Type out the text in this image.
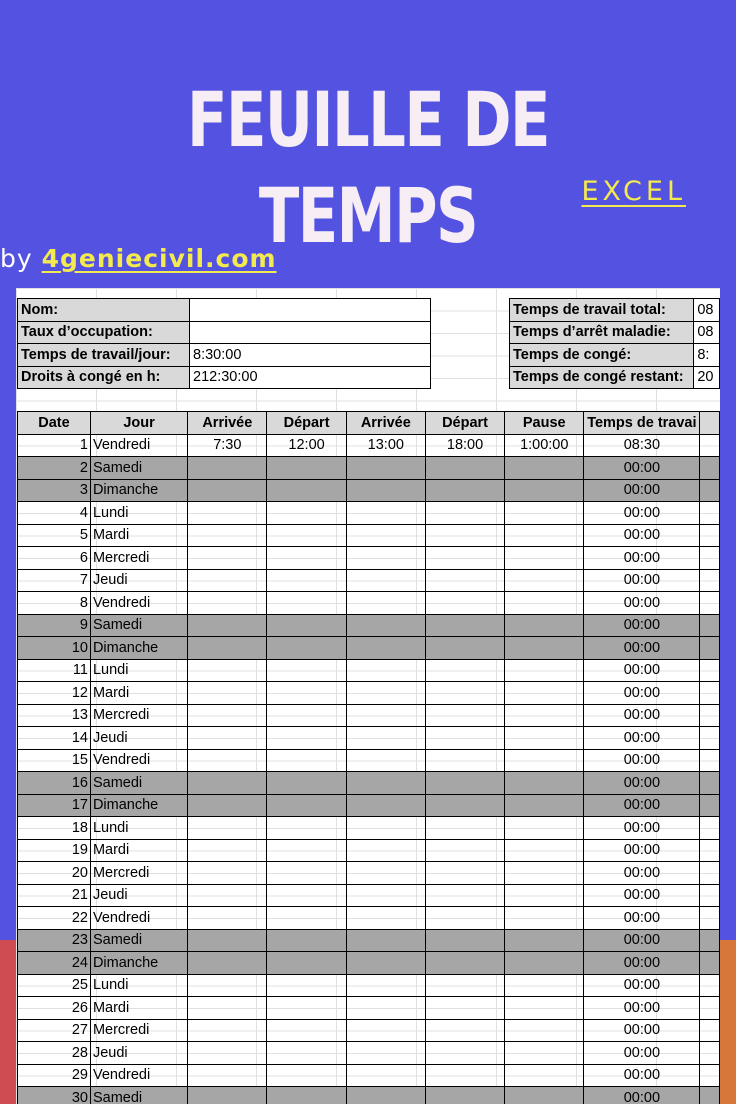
FEUILLE DE TEMPS	EXCEL
by 4geniecivil.com
Nom:	
Taux d’occupation:	
Temps de travail/jour:	8:30:00
Droits à congé en h:	212:30:00
Temps de travail total:	08
Temps d’arrêt maladie:	08
Temps de congé:	8:
Temps de congé restant:	20
Date	Jour	Arrivée	Départ	Arrivée	Départ	Pause	Temps de travai	
1	Vendredi	7:30	12:00	13:00	18:00	1:00:00	08:30	
2	Samedi						00:00	
3	Dimanche						00:00	
4	Lundi						00:00	
5	Mardi						00:00	
6	Mercredi						00:00	
7	Jeudi						00:00	
8	Vendredi						00:00	
9	Samedi						00:00	
10	Dimanche						00:00	
11	Lundi						00:00	
12	Mardi						00:00	
13	Mercredi						00:00	
14	Jeudi						00:00	
15	Vendredi						00:00	
16	Samedi						00:00	
17	Dimanche						00:00	
18	Lundi						00:00	
19	Mardi						00:00	
20	Mercredi						00:00	
21	Jeudi						00:00	
22	Vendredi						00:00	
23	Samedi						00:00	
24	Dimanche						00:00	
25	Lundi						00:00	
26	Mardi						00:00	
27	Mercredi						00:00	
28	Jeudi						00:00	
29	Vendredi						00:00	
30	Samedi						00:00	
